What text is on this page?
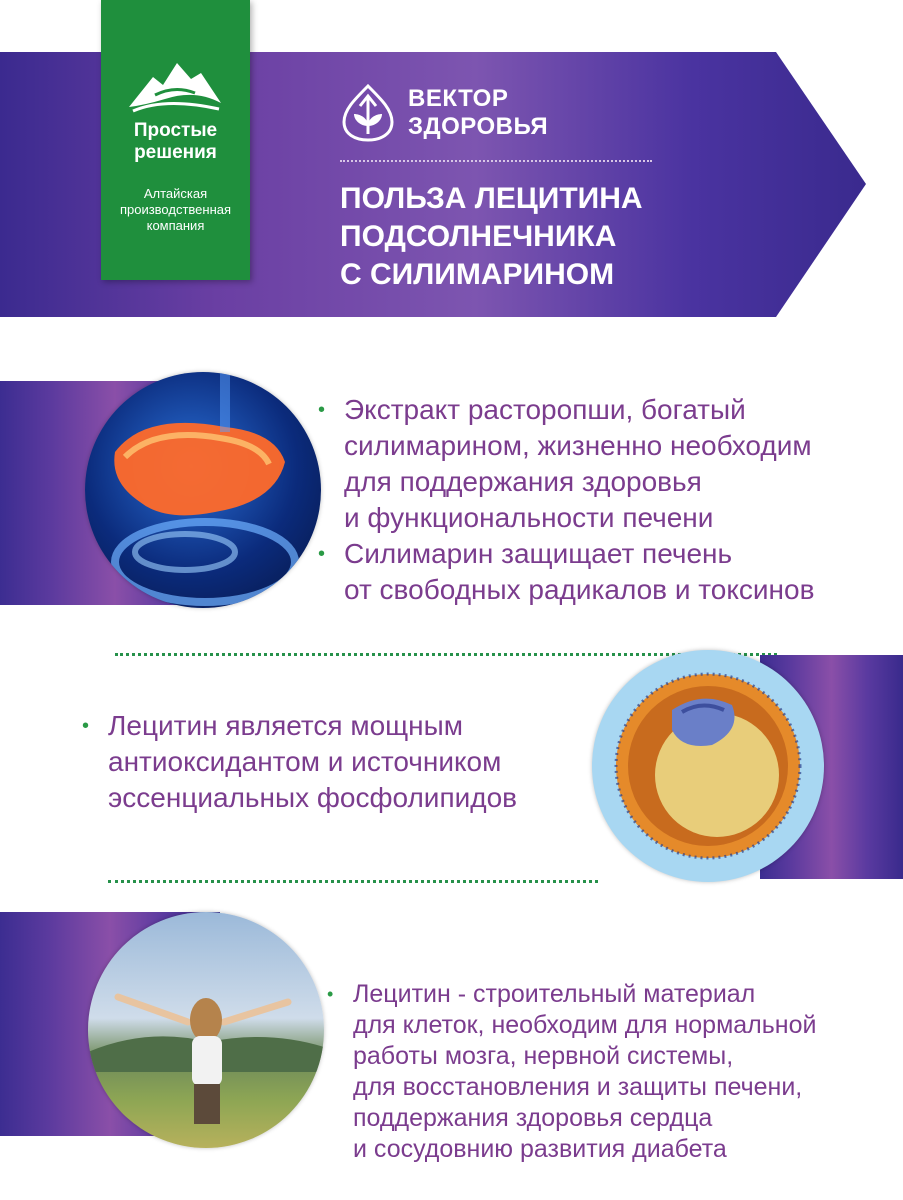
Простые
решения
Алтайская
производственная
компания
ВЕКТОР
ЗДОРОВЬЯ
ПОЛЬЗА ЛЕЦИТИНА
ПОДСОЛНЕЧНИКА
С СИЛИМАРИНОМ
• Экстракт расторопши, богатый
силимарином, жизненно необходим
для поддержания здоровья
и функциональности печени
• Силимарин защищает печень
от свободных радикалов и токсинов
• Лецитин является мощным
антиоксидантом и источником
эссенциальных фосфолипидов
• Лецитин - строительный материал
для клеток, необходим для нормальной
работы мозга, нервной системы,
для восстановления и защиты печени,
поддержания здоровья сердца
и сосудовнию развития диабета
